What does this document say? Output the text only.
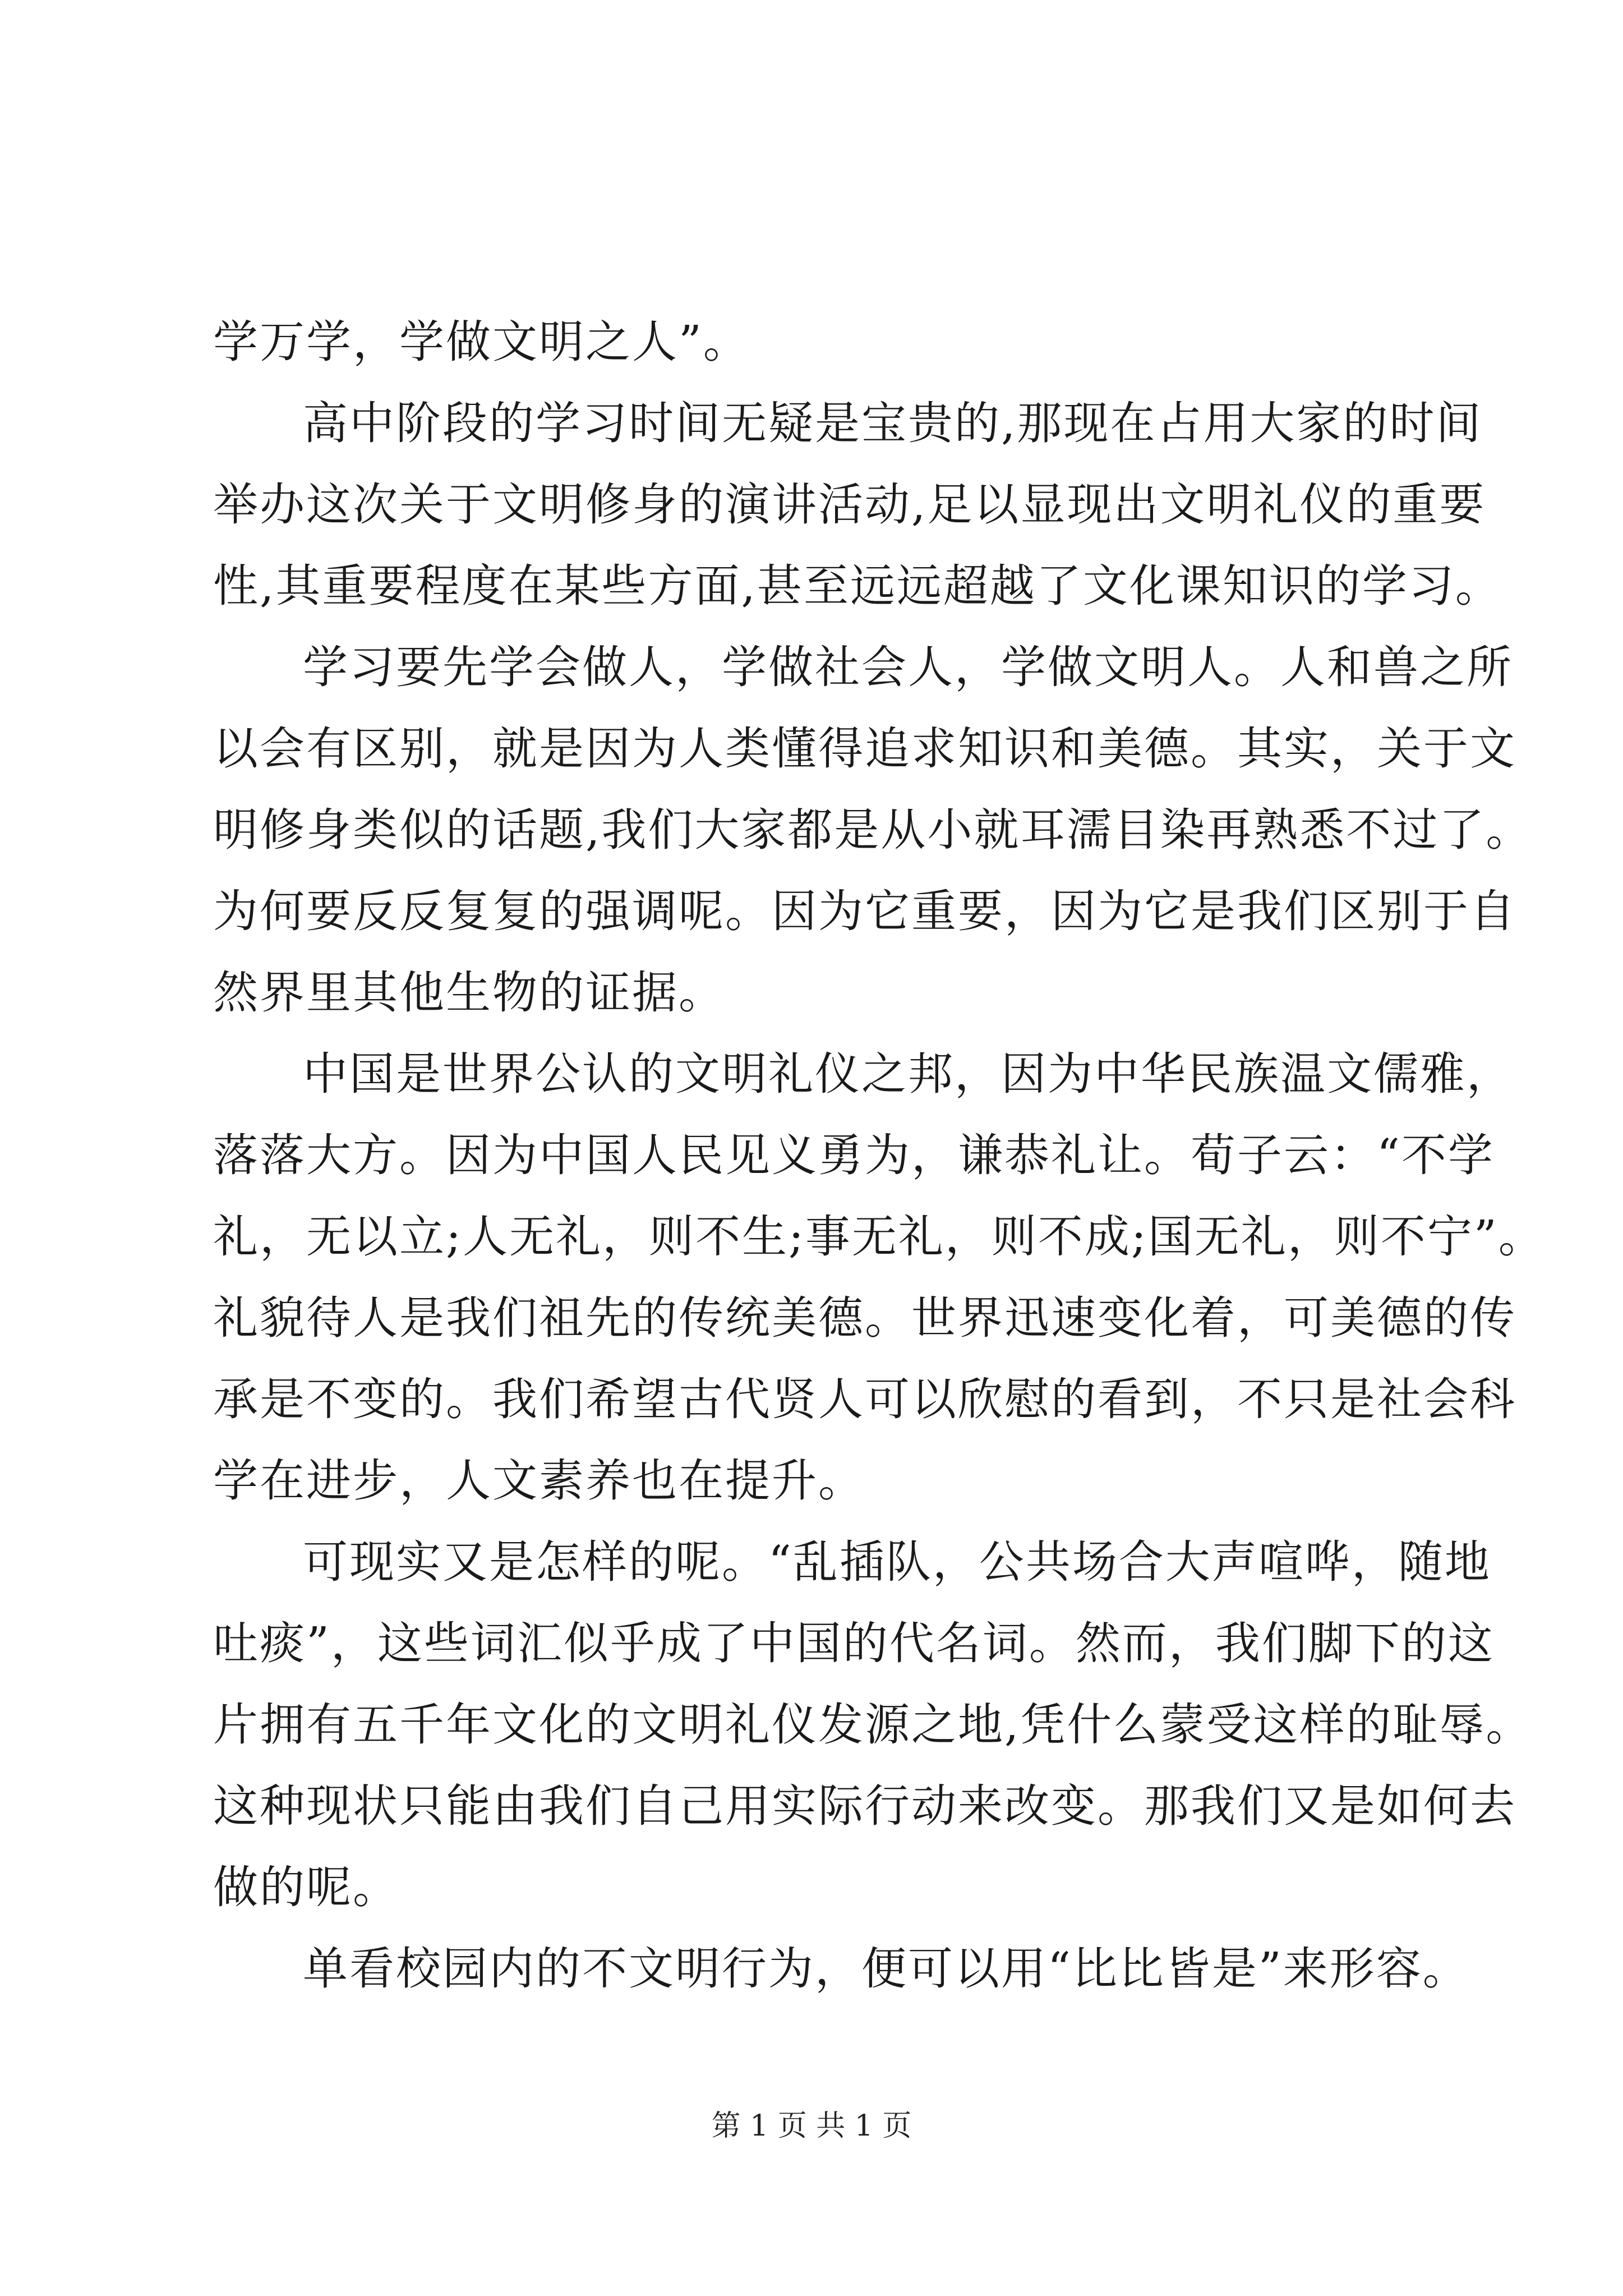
学万学，学做文明之人”。
高中阶段的学习时间无疑是宝贵的,那现在占用大家的时间
举办这次关于文明修身的演讲活动,足以显现出文明礼仪的重要
性,其重要程度在某些方面,甚至远远超越了文化课知识的学习。
学习要先学会做人，学做社会人，学做文明人。人和兽之所
以会有区别，就是因为人类懂得追求知识和美德。其实，关于文
明修身类似的话题,我们大家都是从小就耳濡目染再熟悉不过了。
为何要反反复复的强调呢。因为它重要，因为它是我们区别于自
然界里其他生物的证据。
中国是世界公认的文明礼仪之邦，因为中华民族温文儒雅，
落落大方。因为中国人民见义勇为，谦恭礼让。荀子云：“不学
礼，无以立;人无礼，则不生;事无礼，则不成;国无礼，则不宁”。
礼貌待人是我们祖先的传统美德。世界迅速变化着，可美德的传
承是不变的。我们希望古代贤人可以欣慰的看到，不只是社会科
学在进步，人文素养也在提升。
可现实又是怎样的呢。“乱插队，公共场合大声喧哗，随地
吐痰”，这些词汇似乎成了中国的代名词。然而，我们脚下的这
片拥有五千年文化的文明礼仪发源之地,凭什么蒙受这样的耻辱。
这种现状只能由我们自己用实际行动来改变。那我们又是如何去
做的呢。
单看校园内的不文明行为，便可以用“比比皆是”来形容。
第 1 页 共 1 页
